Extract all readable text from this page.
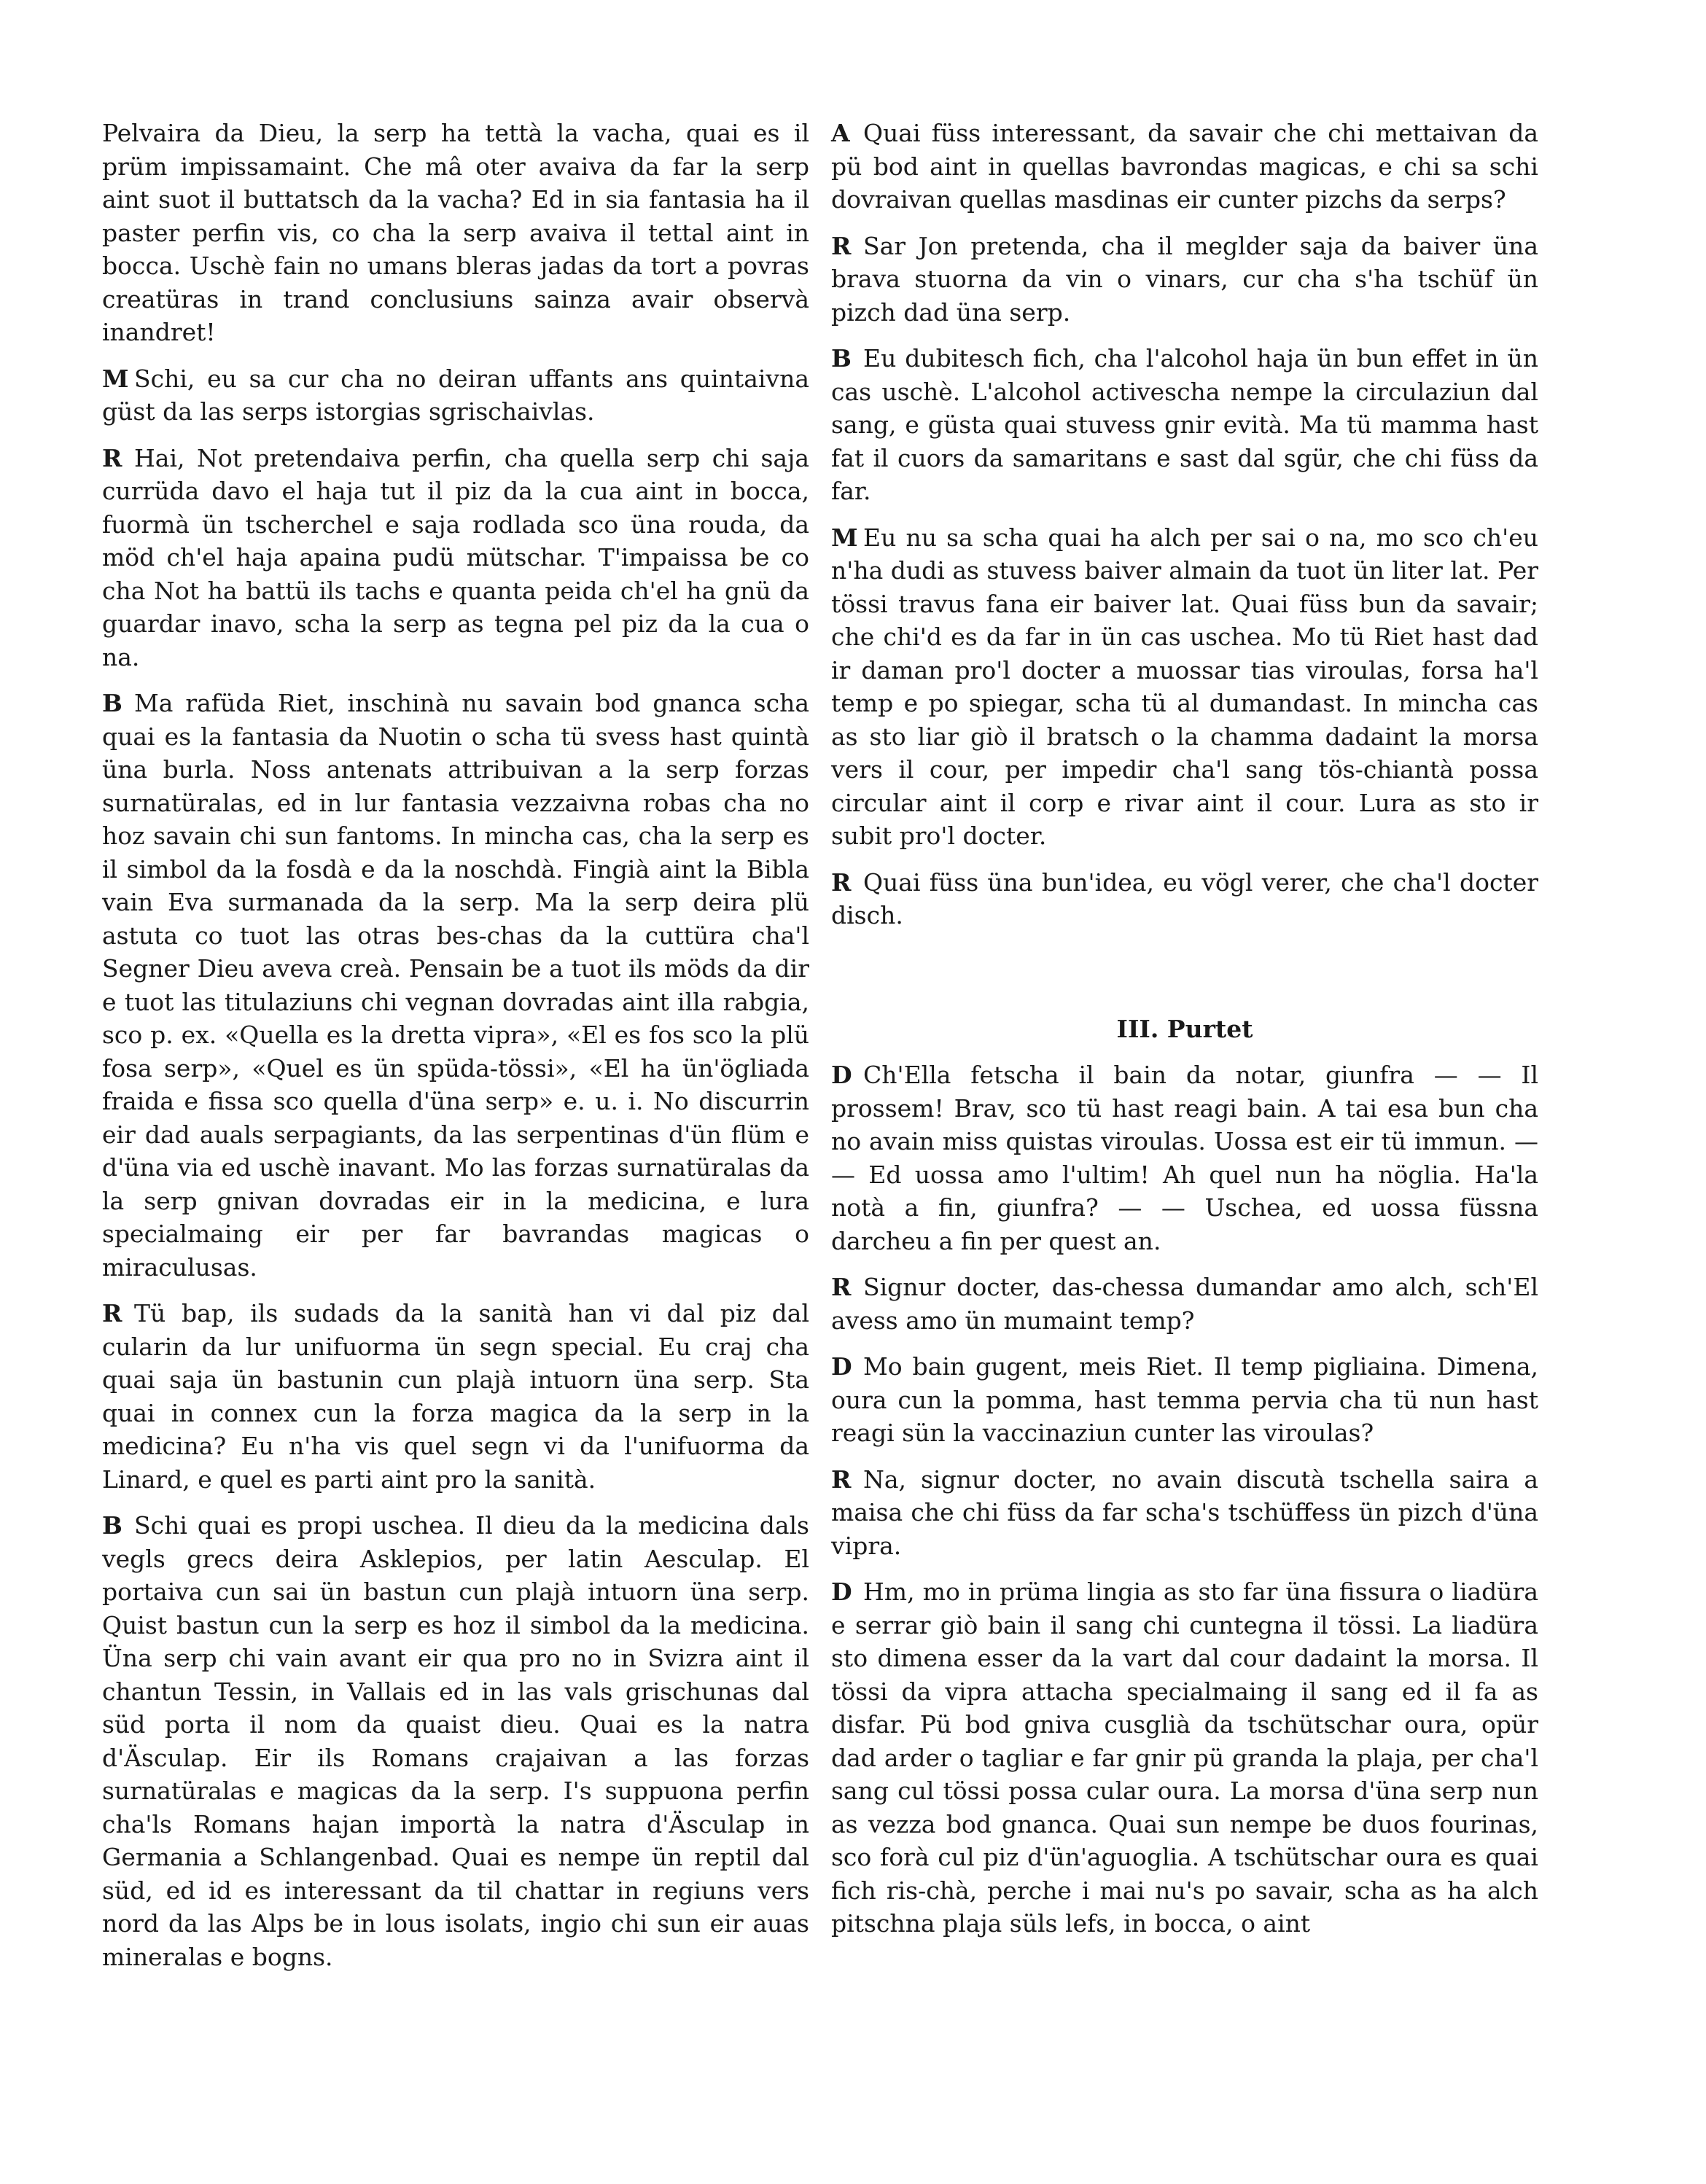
Pelvaira da Dieu, la serp ha tettà la vacha, quai es il prüm impissamaint. Che mâ oter avaiva da far la serp aint suot il buttatsch da la vacha? Ed in sia fantasia ha il paster perfin vis, co cha la serp avaiva il tettal aint in bocca. Uschè fain no umans bleras jadas da tort a povras creatüras in trand conclusiuns sainza avair observà inandret!

M Schi, eu sa cur cha no deiran uffants ans quintaivna güst da las serps istorgias sgrischaivlas.

R Hai, Not pretendaiva perfin, cha quella serp chi saja currüda davo el haja tut il piz da la cua aint in bocca, fuormà ün tscherchel e saja rodlada sco üna rouda, da möd ch'el haja apaina pudü mütschar. T'impaissa be co cha Not ha battü ils tachs e quanta peida ch'el ha gnü da guardar inavo, scha la serp as tegna pel piz da la cua o na.

B Ma rafüda Riet, inschinà nu savain bod gnanca scha quai es la fantasia da Nuotin o scha tü svess hast quintà üna burla. Noss antenats attribuivan a la serp forzas surnatüralas, ed in lur fantasia vezzaivna robas cha no hoz savain chi sun fantoms. In mincha cas, cha la serp es il simbol da la fosdà e da la noschdà. Fingià aint la Bibla vain Eva surmanada da la serp. Ma la serp deira plü astuta co tuot las otras bes-chas da la cuttüra cha'l Segner Dieu aveva creà. Pensain be a tuot ils möds da dir e tuot las titulaziuns chi vegnan dovradas aint illa rabgia, sco p. ex. «Quella es la dretta vipra», «El es fos sco la plü fosa serp», «Quel es ün spüda-tössi», «El ha ün'ögliada fraida e fissa sco quella d'üna serp» e. u. i. No discurrin eir dad auals serpagiants, da las serpentinas d'ün flüm e d'üna via ed uschè inavant. Mo las forzas surnatüralas da la serp gnivan dovradas eir in la medicina, e lura specialmaing eir per far bavrandas magicas o miraculusas.

R Tü bap, ils sudads da la sanità han vi dal piz dal cularin da lur unifuorma ün segn special. Eu craj cha quai saja ün bastunin cun plajà intuorn üna serp. Sta quai in connex cun la forza magica da la serp in la medicina? Eu n'ha vis quel segn vi da l'unifuorma da Linard, e quel es parti aint pro la sanità.

B Schi quai es propi uschea. Il dieu da la medicina dals vegls grecs deira Asklepios, per latin Aesculap. El portaiva cun sai ün bastun cun plajà intuorn üna serp. Quist bastun cun la serp es hoz il simbol da la medicina. Üna serp chi vain avant eir qua pro no in Svizra aint il chantun Tessin, in Vallais ed in las vals grischunas dal süd porta il nom da quaist dieu. Quai es la natra d'Äsculap. Eir ils Romans crajaivan a las forzas surnatüralas e magicas da la serp. I's suppuona perfin cha'ls Romans hajan importà la natra d'Äsculap in Germania a Schlangenbad. Quai es nempe ün reptil dal süd, ed id es interessant da til chattar in regiuns vers nord da las Alps be in lous isolats, ingio chi sun eir auas mineralas e bogns.

A Quai füss interessant, da savair che chi mettaivan da pü bod aint in quellas bavrondas magicas, e chi sa schi dovraivan quellas masdinas eir cunter pizchs da serps?

R Sar Jon pretenda, cha il meglder saja da baiver üna brava stuorna da vin o vinars, cur cha s'ha tschüf ün pizch dad üna serp.

B Eu dubitesch fich, cha l'alcohol haja ün bun effet in ün cas uschè. L'alcohol activescha nempe la circulaziun dal sang, e güsta quai stuvess gnir evità. Ma tü mamma hast fat il cuors da samaritans e sast dal sgür, che chi füss da far.

M Eu nu sa scha quai ha alch per sai o na, mo sco ch'eu n'ha dudi as stuvess baiver almain da tuot ün liter lat. Per tössi travus fana eir baiver lat. Quai füss bun da savair; che chi'd es da far in ün cas uschea. Mo tü Riet hast dad ir daman pro'l docter a muossar tias viroulas, forsa ha'l temp e po spiegar, scha tü al dumandast. In mincha cas as sto liar giò il bratsch o la chamma dadaint la morsa vers il cour, per impedir cha'l sang tös-chiantà possa circular aint il corp e rivar aint il cour. Lura as sto ir subit pro'l docter.

R Quai füss üna bun'idea, eu vögl verer, che cha'l docter disch.

III. Purtet

D Ch'Ella fetscha il bain da notar, giunfra — — Il prossem! Brav, sco tü hast reagi bain. A tai esa bun cha no avain miss quistas viroulas. Uossa est eir tü immun. — — Ed uossa amo l'ultim! Ah quel nun ha nöglia. Ha'la notà a fin, giunfra? — — Uschea, ed uossa füssna darcheu a fin per quest an.

R Signur docter, das-chessa dumandar amo alch, sch'El avess amo ün mumaint temp?

D Mo bain gugent, meis Riet. Il temp pigliaina. Dimena, oura cun la pomma, hast temma pervia cha tü nun hast reagi sün la vaccinaziun cunter las viroulas?

R Na, signur docter, no avain discutà tschella saira a maisa che chi füss da far scha's tschüffess ün pizch d'üna vipra.

D Hm, mo in prüma lingia as sto far üna fissura o liadüra e serrar giò bain il sang chi cuntegna il tössi. La liadüra sto dimena esser da la vart dal cour dadaint la morsa. Il tössi da vipra attacha specialmaing il sang ed il fa as disfar. Pü bod gniva cusglià da tschütschar oura, opür dad arder o tagliar e far gnir pü granda la plaja, per cha'l sang cul tössi possa cular oura. La morsa d'üna serp nun as vezza bod gnanca. Quai sun nempe be duos fourinas, sco forà cul piz d'ün'aguoglia. A tschütschar oura es quai fich ris-chà, perche i mai nu's po savair, scha as ha alch pitschna plaja süls lefs, in bocca, o aint
